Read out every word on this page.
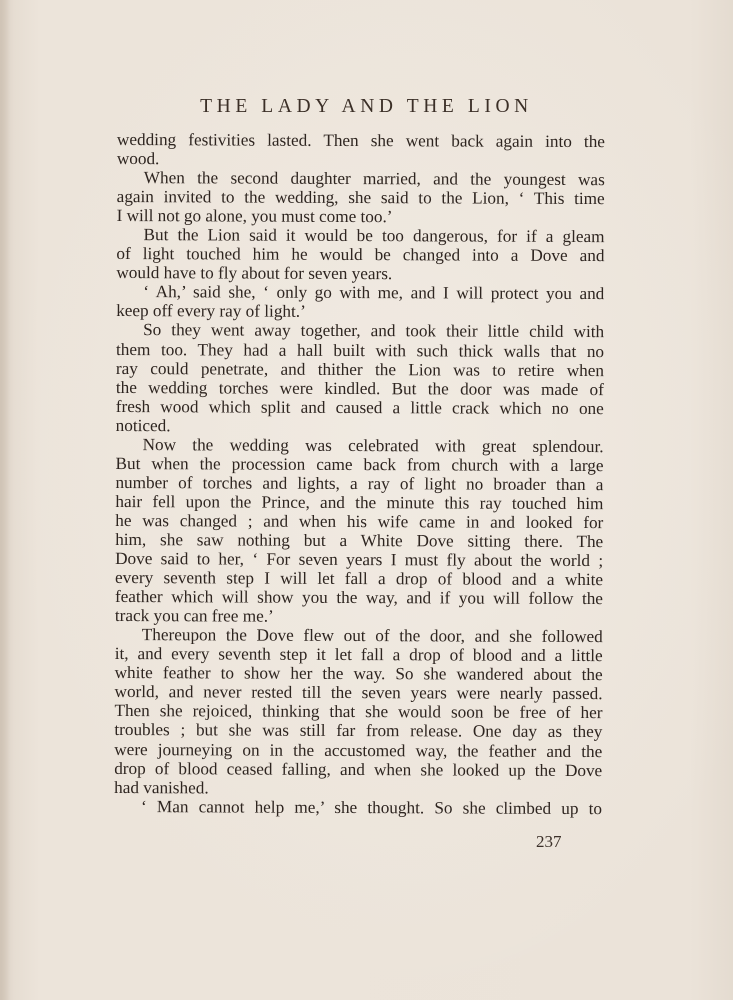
THE LADY AND THE LION
wedding festivities lasted. Then she went back again into the
wood.
When the second daughter married, and the youngest was
again invited to the wedding, she said to the Lion, ‘ This time
I will not go alone, you must come too.’
But the Lion said it would be too dangerous, for if a gleam
of light touched him he would be changed into a Dove and
would have to fly about for seven years.
‘ Ah,’ said she, ‘ only go with me, and I will protect you and
keep off every ray of light.’
So they went away together, and took their little child with
them too. They had a hall built with such thick walls that no
ray could penetrate, and thither the Lion was to retire when
the wedding torches were kindled. But the door was made of
fresh wood which split and caused a little crack which no one
noticed.
Now the wedding was celebrated with great splendour.
But when the procession came back from church with a large
number of torches and lights, a ray of light no broader than a
hair fell upon the Prince, and the minute this ray touched him
he was changed ; and when his wife came in and looked for
him, she saw nothing but a White Dove sitting there. The
Dove said to her, ‘ For seven years I must fly about the world ;
every seventh step I will let fall a drop of blood and a white
feather which will show you the way, and if you will follow the
track you can free me.’
Thereupon the Dove flew out of the door, and she followed
it, and every seventh step it let fall a drop of blood and a little
white feather to show her the way. So she wandered about the
world, and never rested till the seven years were nearly passed.
Then she rejoiced, thinking that she would soon be free of her
troubles ; but she was still far from release. One day as they
were journeying on in the accustomed way, the feather and the
drop of blood ceased falling, and when she looked up the Dove
had vanished.
‘ Man cannot help me,’ she thought. So she climbed up to
237
